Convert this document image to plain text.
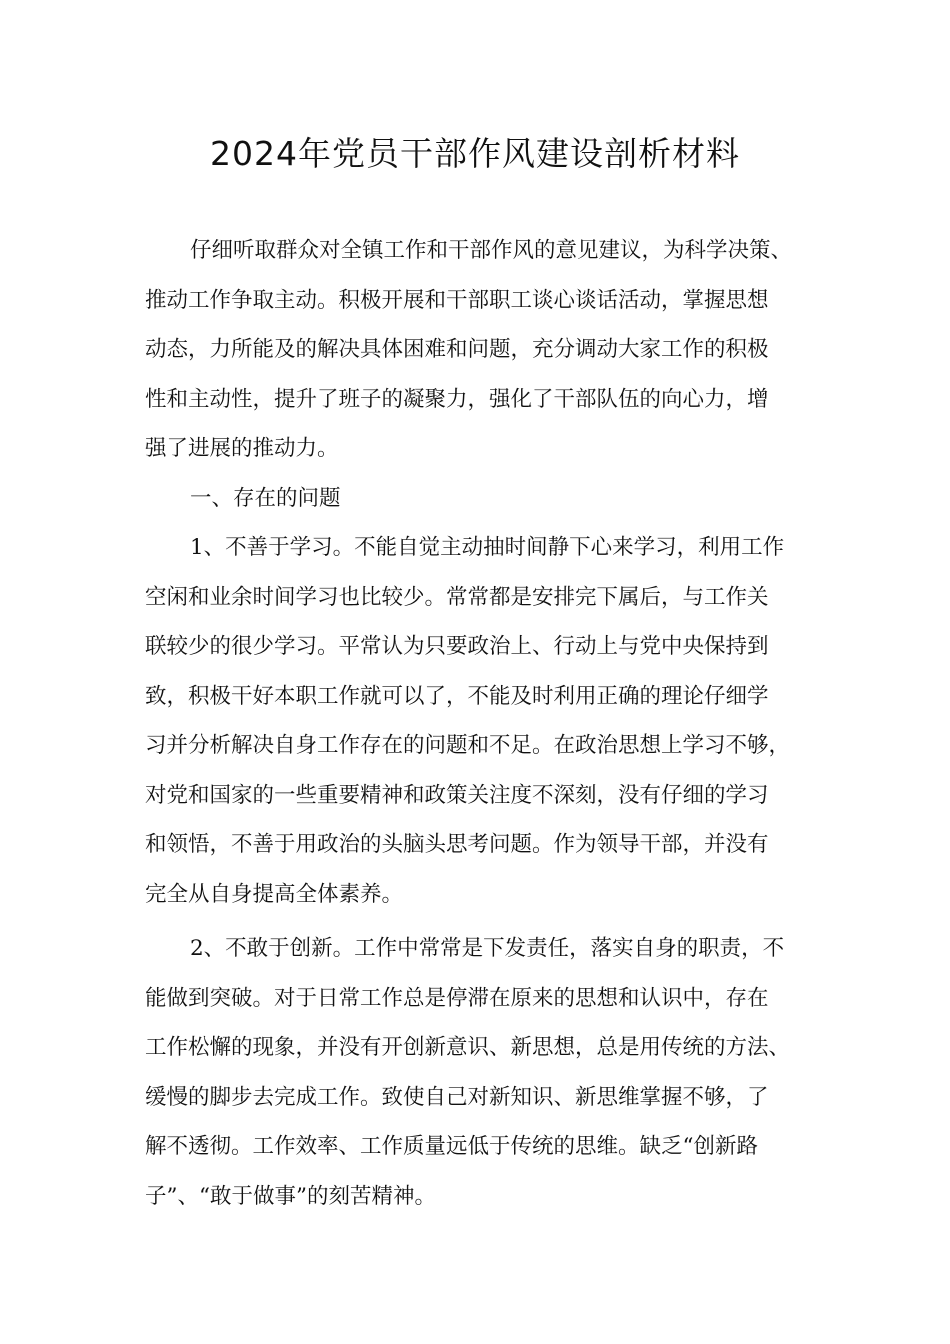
2024年党员干部作风建设剖析材料
仔细听取群众对全镇工作和干部作风的意见建议，为科学决策、
推动工作争取主动。积极开展和干部职工谈心谈话活动，掌握思想
动态，力所能及的解决具体困难和问题，充分调动大家工作的积极
性和主动性，提升了班子的凝聚力，强化了干部队伍的向心力，增
强了进展的推动力。
一、存在的问题
1、不善于学习。不能自觉主动抽时间静下心来学习，利用工作
空闲和业余时间学习也比较少。常常都是安排完下属后，与工作关
联较少的很少学习。平常认为只要政治上、行动上与党中央保持到
致，积极干好本职工作就可以了，不能及时利用正确的理论仔细学
习并分析解决自身工作存在的问题和不足。在政治思想上学习不够，
对党和国家的一些重要精神和政策关注度不深刻，没有仔细的学习
和领悟，不善于用政治的头脑头思考问题。作为领导干部，并没有
完全从自身提高全体素养。
2、不敢于创新。工作中常常是下发责任，落实自身的职责，不
能做到突破。对于日常工作总是停滞在原来的思想和认识中，存在
工作松懈的现象，并没有开创新意识、新思想，总是用传统的方法、
缓慢的脚步去完成工作。致使自己对新知识、新思维掌握不够，了
解不透彻。工作效率、工作质量远低于传统的思维。缺乏“创新路
子”、“敢于做事”的刻苦精神。
